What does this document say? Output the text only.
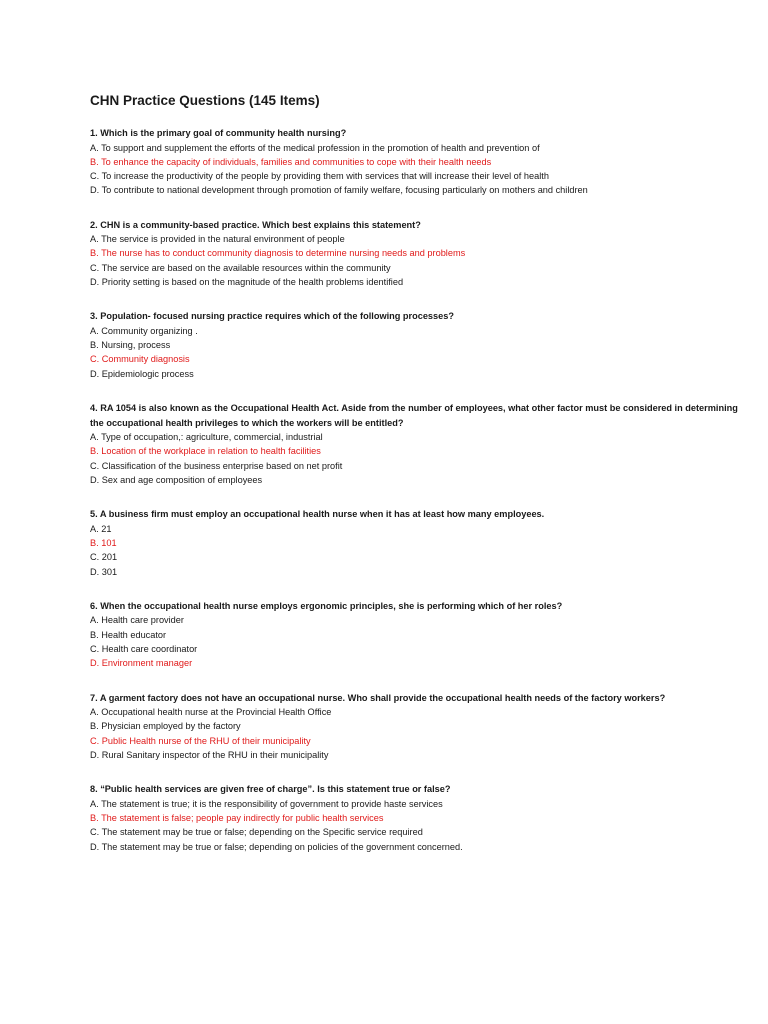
CHN Practice Questions (145 Items)

1. Which is the primary goal of community health nursing?

A. To support and supplement the efforts of the medical profession in the promotion of health and prevention of

B. To enhance the capacity of individuals, families and communities to cope with their health needs

C. To increase the productivity of the people by providing them with services that will increase their level of health

D. To contribute to national development through promotion of family welfare, focusing particularly on mothers and children

2. CHN is a community-based practice. Which best explains this statement?

A. The service is provided in the natural environment of people

B. The nurse has to conduct community diagnosis to determine nursing needs and problems

C. The service are based on the available resources within the community

D. Priority setting is based on the magnitude of the health problems identified

3. Population- focused nursing practice requires which of the following processes?

A. Community organizing .

B. Nursing, process

C. Community diagnosis

D. Epidemiologic process

4. RA 1054 is also known as the Occupational Health Act. Aside from the number of employees, what other factor must be considered in determining the occupational health privileges to which the workers will be entitled?

A. Type of occupation,: agriculture, commercial, industrial

B. Location of the workplace in relation to health facilities

C. Classification of the business enterprise based on net profit

D. Sex and age composition of employees

5. A business firm must employ an occupational health nurse when it has at least how many employees.

A. 21

B. 101

C. 201

D. 301

6. When the occupational health nurse employs ergonomic principles, she is performing which of her roles?

A. Health care provider

B. Health educator

C. Health care coordinator

D. Environment manager

7. A garment factory does not have an occupational nurse. Who shall provide the occupational health needs of the factory workers?

A. Occupational health nurse at the Provincial Health Office

B. Physician employed by the factory

C. Public Health nurse of the RHU of their municipality

D. Rural Sanitary inspector of the RHU in their municipality

8. “Public health services are given free of charge”. Is this statement true or false?

A. The statement is true; it is the responsibility of government to provide haste services

B. The statement is false; people pay indirectly for public health services

C. The statement may be true or false; depending on the Specific service required

D. The statement may be true or false; depending on policies of the government concerned.
